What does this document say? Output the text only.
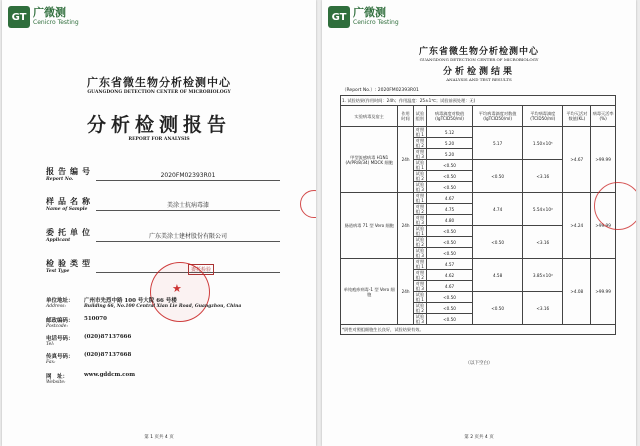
GT 广微测
Cenicro Testing
广东省微生物分析检测中心
GUANGDONG DETECTION CENTER OF MICROBIOLOGY
分析检测报告
REPORT FOR ANALYSIS
报告编号
Report No.
2020FM02393R01
样品名称
Name of Sample
美涂士抗病毒漆
委托单位
Applicant
广东美涂士建材股份有限公司
检验类型
Test Type	委托检验
★
单位地址：
Address:
广州市先烈中路 100 号大院 66 号楼
Building 66, No.100 Central Xian Lie Road, Guangzhou, China
邮政编码：
Postcode:
510070
电话号码：
Tel:
(020)87137666
传真号码：
Fax:
(020)87137668
网　址：
Website:
www.gddcm.com
第 1 页共 4 页
GT 广微测
Cenicro Testing
广东省微生物分析检测中心
GUANGDONG DETECTION CENTER OF MICROBIOLOGY
分析检测结果
ANALYSIS AND TEST RESULTS
（Report No.）: 2020FM02393R01
1. 试验结果(作用时间：24h；作用温度：25±1℃；试验前预处理：无)							
实验病毒及宿主	作用时间	试验组别	病毒滴度对数值(lgTCID50/ml)	平均病毒滴度对数值(lgTCID50/ml)	平均病毒滴度(TCID50/ml)	平均灭活对数值(KL)	病毒灭活率(%)
甲型流感病毒 H1N1 (A/PR/8/34) MDCK 细胞	24h	对照组 1	5.12	5.17	1.50×10⁵	>4.67	>99.99
		对照组 2	5.20				
		对照组 3	5.20				
		试验组 1	<0.50	<0.50	<3.16		
		试验组 2	<0.50				
		试验组 3	<0.50				
肠道病毒 71 型 Vero 细胞	24h	对照组 1	4.67	4.74	5.54×10⁴	>4.24	>99.99
		对照组 2	4.75				
		对照组 3	4.80				
		试验组 1	<0.50	<0.50	<3.16		
		试验组 2	<0.50				
		试验组 3	<0.50				
单纯疱疹病毒-1 型 Vero 细胞	24h	对照组 1	4.57	4.58	3.85×10⁴	>4.08	>99.99
		对照组 2	4.62				
		对照组 3	4.67				
		试验组 1	<0.50	<0.50	<3.16		
		试验组 2	<0.50				
		试验组 3	<0.50				
*阴性对照组细胞生长良好，试验结果有效。							
（以下空白）
第 2 页共 4 页
